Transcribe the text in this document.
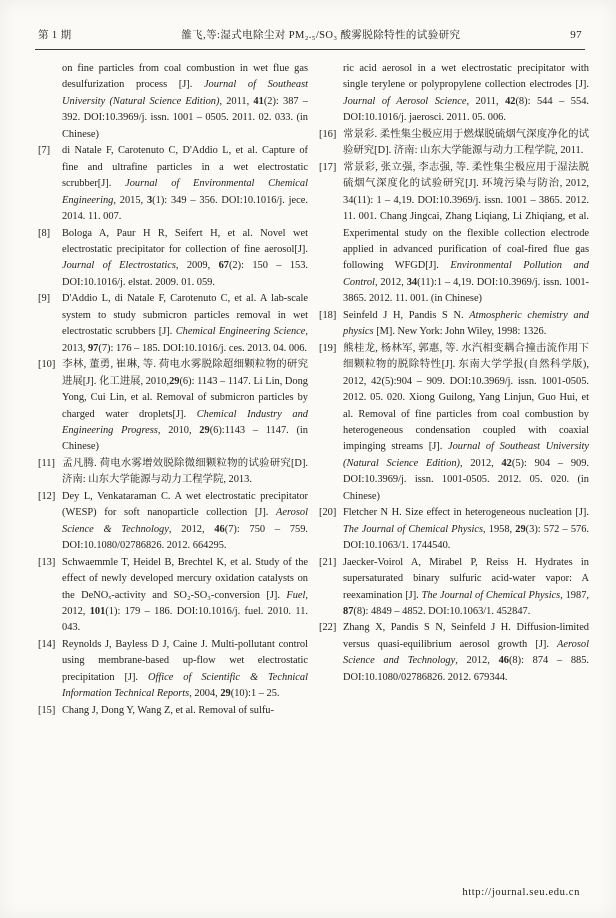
第 1 期	雒飞,等:湿式电除尘对 PM₂.₅/SO₃ 酸雾脱除特性的试验研究	97

on fine particles from coal combustion in wet flue gas desulfurization process [J]. Journal of Southeast University (Natural Science Edition), 2011, 41(2): 387 – 392. DOI:10.3969/j. issn. 1001 – 0505. 2011. 02. 033. (in Chinese)

[7] di Natale F, Carotenuto C, D'Addio L, et al. Capture of fine and ultrafine particles in a wet electrostatic scrubber[J]. Journal of Environmental Chemical Engineering, 2015, 3(1): 349 – 356. DOI:10.1016/j. jece. 2014. 11. 007.

[8] Bologa A, Paur H R, Seifert H, et al. Novel wet electrostatic precipitator for collection of fine aerosol[J]. Journal of Electrostatics, 2009, 67(2): 150 – 153. DOI:10.1016/j. elstat. 2009. 01. 059.

[9] D'Addio L, di Natale F, Carotenuto C, et al. A lab-scale system to study submicron particles removal in wet electrostatic scrubbers [J]. Chemical Engineering Science, 2013, 97(7): 176 – 185. DOI:10.1016/j. ces. 2013. 04. 006.

[10] 李林, 董勇, 崔琳, 等. 荷电水雾脱除超细颗粒物的研究进展[J]. 化工进展, 2010,29(6): 1143 – 1147. Li Lin, Dong Yong, Cui Lin, et al. Removal of submicron particles by charged water droplets[J]. Chemical Industry and Engineering Progress, 2010, 29(6):1143 – 1147. (in Chinese)

[11] 孟凡腾. 荷电水雾增效脱除微细颗粒物的试验研究[D]. 济南: 山东大学能源与动力工程学院, 2013.

[12] Dey L, Venkataraman C. A wet electrostatic precipitator (WESP) for soft nanoparticle collection [J]. Aerosol Science & Technology, 2012, 46(7): 750 – 759. DOI:10.1080/02786826. 2012. 664295.

[13] Schwaemmle T, Heidel B, Brechtel K, et al. Study of the effect of newly developed mercury oxidation catalysts on the DeNOₓ-activity and SO₂-SO₃-conversion [J]. Fuel, 2012, 101(1): 179 – 186. DOI:10.1016/j. fuel. 2010. 11. 043.

[14] Reynolds J, Bayless D J, Caine J. Multi-pollutant control using membrane-based up-flow wet electrostatic precipitation [J]. Office of Scientific & Technical Information Technical Reports, 2004, 29(10):1 – 25.

[15] Chang J, Dong Y, Wang Z, et al. Removal of sulfu-

ric acid aerosol in a wet electrostatic precipitator with single terylene or polypropylene collection electrodes [J]. Journal of Aerosol Science, 2011, 42(8): 544 – 554. DOI:10.1016/j. jaerosci. 2011. 05. 006.

[16] 常景彩. 柔性集尘极应用于燃煤脱硫烟气深度净化的试验研究[D]. 济南: 山东大学能源与动力工程学院, 2011.

[17] 常景彩, 张立强, 李志强, 等. 柔性集尘极应用于湿法脱硫烟气深度化的试验研究[J]. 环境污染与防治, 2012, 34(11): 1 – 4,19. DOI:10.3969/j. issn. 1001 – 3865. 2012. 11. 001. Chang Jingcai, Zhang Liqiang, Li Zhiqiang, et al. Experimental study on the flexible collection electrode applied in advanced purification of coal-fired flue gas following WFGD[J]. Environmental Pollution and Control, 2012, 34(11):1 – 4,19. DOI:10.3969/j. issn. 1001-3865. 2012. 11. 001. (in Chinese)

[18] Seinfeld J H, Pandis S N. Atmospheric chemistry and physics [M]. New York: John Wiley, 1998: 1326.

[19] 熊桂龙, 杨林军, 郭惠, 等. 水汽相变耦合撞击流作用下细颗粒物的脱除特性[J]. 东南大学学报(自然科学版), 2012, 42(5):904 – 909. DOI:10.3969/j. issn. 1001-0505. 2012. 05. 020. Xiong Guilong, Yang Linjun, Guo Hui, et al. Removal of fine particles from coal combustion by heterogeneous condensation coupled with coaxial impinging streams [J]. Journal of Southeast University (Natural Science Edition), 2012, 42(5): 904 – 909. DOI:10.3969/j. issn. 1001-0505. 2012. 05. 020. (in Chinese)

[20] Fletcher N H. Size effect in heterogeneous nucleation [J]. The Journal of Chemical Physics, 1958, 29(3): 572 – 576. DOI:10.1063/1. 1744540.

[21] Jaecker-Voirol A, Mirabel P, Reiss H. Hydrates in supersaturated binary sulfuric acid-water vapor: A reexamination [J]. The Journal of Chemical Physics, 1987, 87(8): 4849 – 4852. DOI:10.1063/1. 452847.

[22] Zhang X, Pandis S N, Seinfeld J H. Diffusion-limited versus quasi-equilibrium aerosol growth [J]. Aerosol Science and Technology, 2012, 46(8): 874 – 885. DOI:10.1080/02786826. 2012. 679344.

http://journal.seu.edu.cn
